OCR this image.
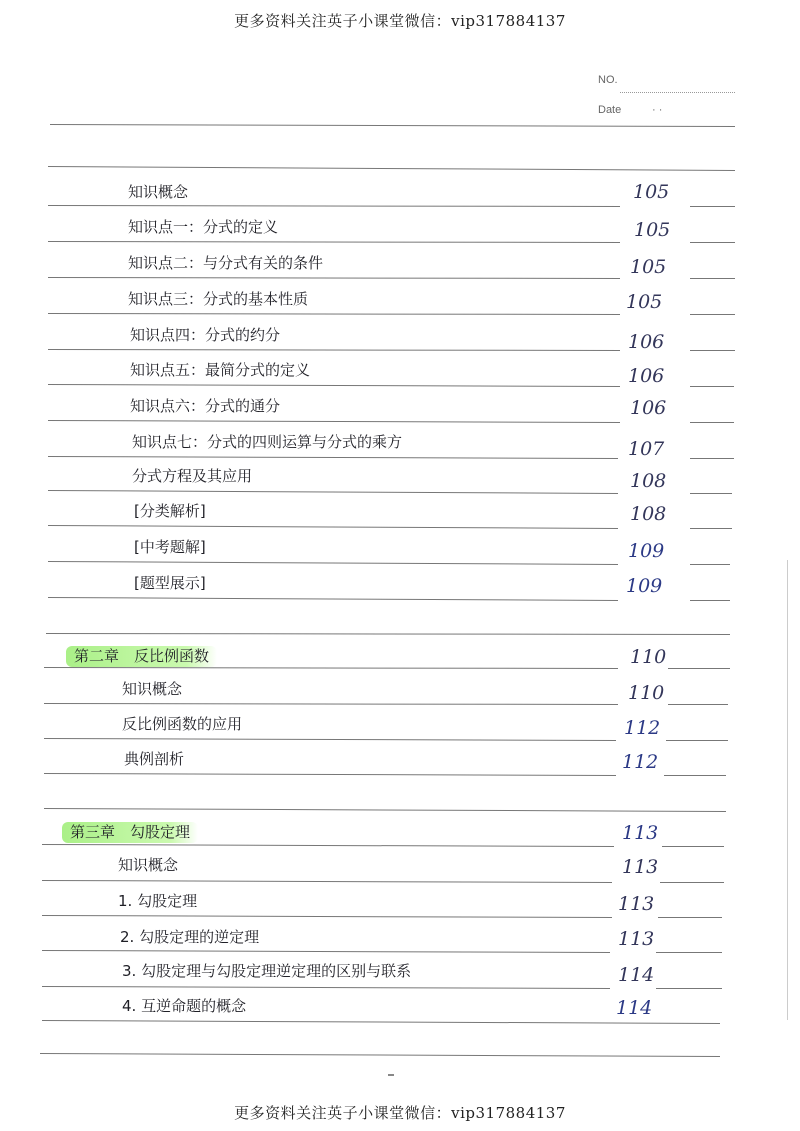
更多资料关注英子小课堂微信：vip317884137
NO.
Date	· ·
知识概念	105
知识点一：分式的定义	105
知识点二：与分式有关的条件	105
知识点三：分式的基本性质	105
知识点四：分式的约分	106
知识点五：最简分式的定义	106
知识点六：分式的通分	106
知识点七：分式的四则运算与分式的乘方	107
分式方程及其应用	108
[分类解析]	108
[中考题解]	109
[题型展示]	109
第二章　反比例函数	110
知识概念	110
反比例函数的应用	112
典例剖析	112
第三章　勾股定理	113
知识概念	113
1. 勾股定理	113
2. 勾股定理的逆定理	113
3. 勾股定理与勾股定理逆定理的区别与联系	114
4. 互逆命题的概念	114
更多资料关注英子小课堂微信：vip317884137
